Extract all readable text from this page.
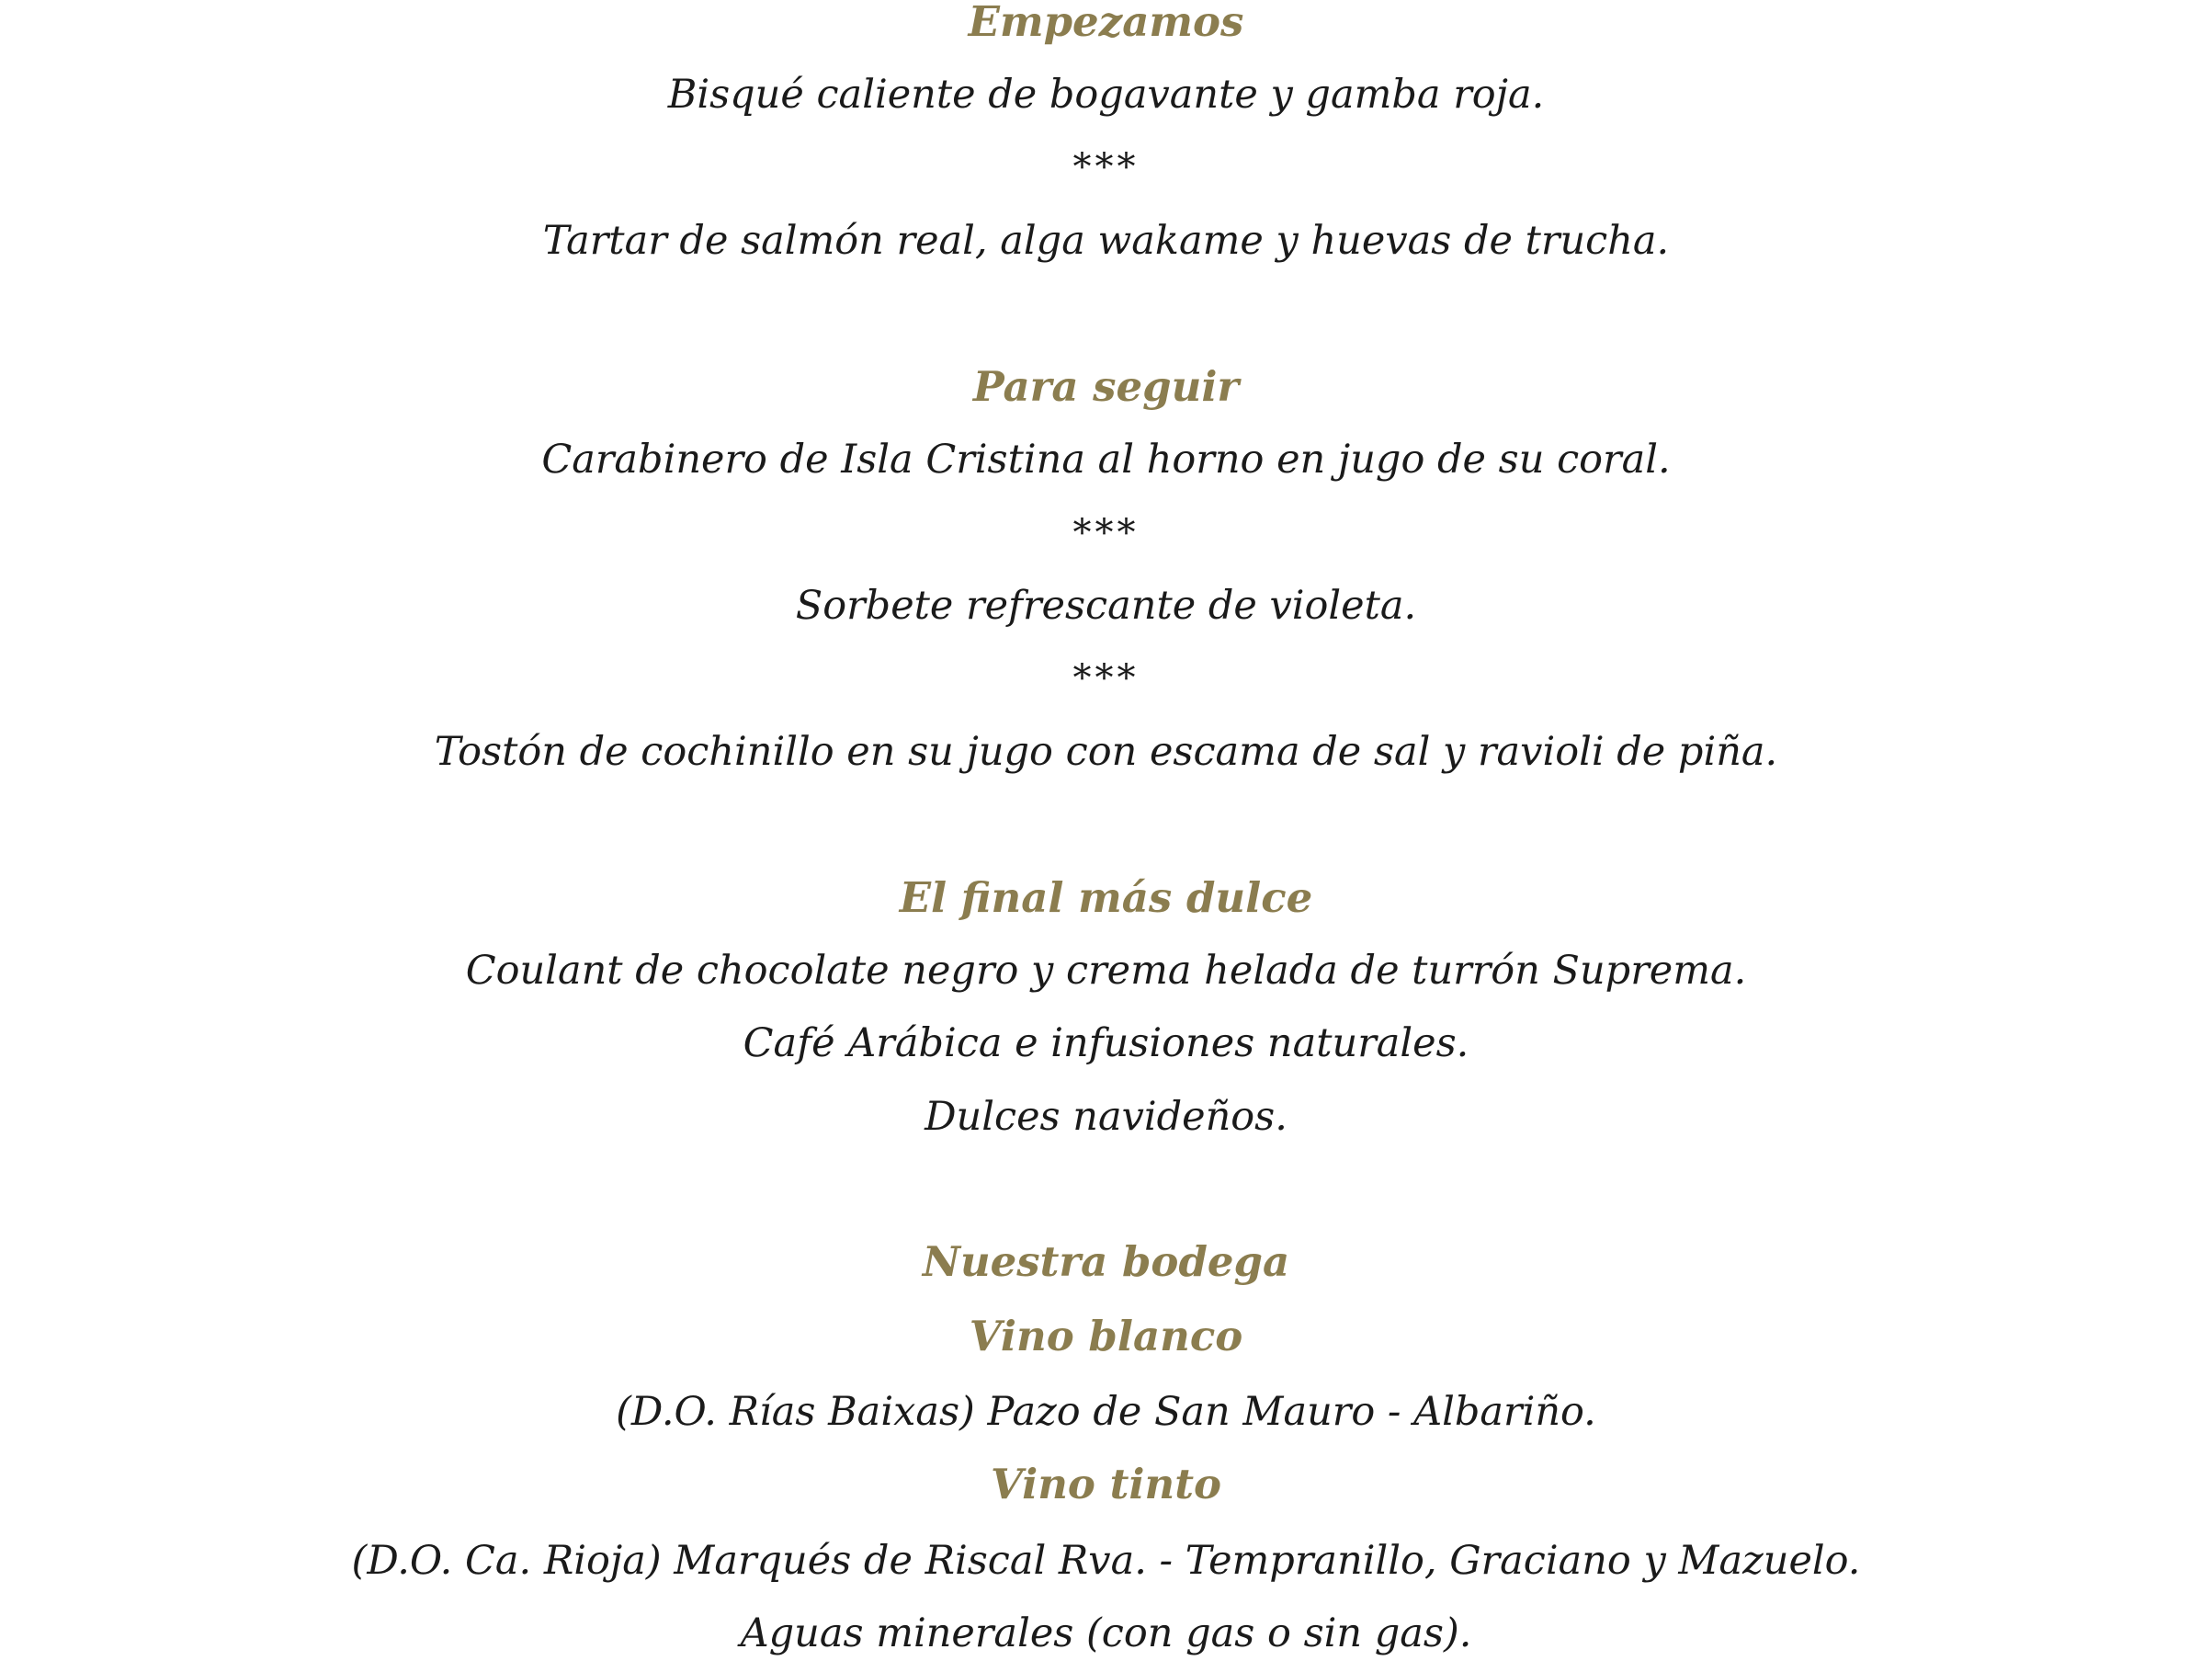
Empezamos
Bisqué caliente de bogavante y gamba roja.
***
Tartar de salmón real, alga wakame y huevas de trucha.
Para seguir
Carabinero de Isla Cristina al horno en jugo de su coral.
***
Sorbete refrescante de violeta.
***
Tostón de cochinillo en su jugo con escama de sal y ravioli de piña.
El final más dulce
Coulant de chocolate negro y crema helada de turrón Suprema.
Café Arábica e infusiones naturales.
Dulces navideños.
Nuestra bodega
Vino blanco
(D.O. Rías Baixas) Pazo de San Mauro - Albariño.
Vino tinto
(D.O. Ca. Rioja) Marqués de Riscal Rva. - Tempranillo, Graciano y Mazuelo.
Aguas minerales (con gas o sin gas).
